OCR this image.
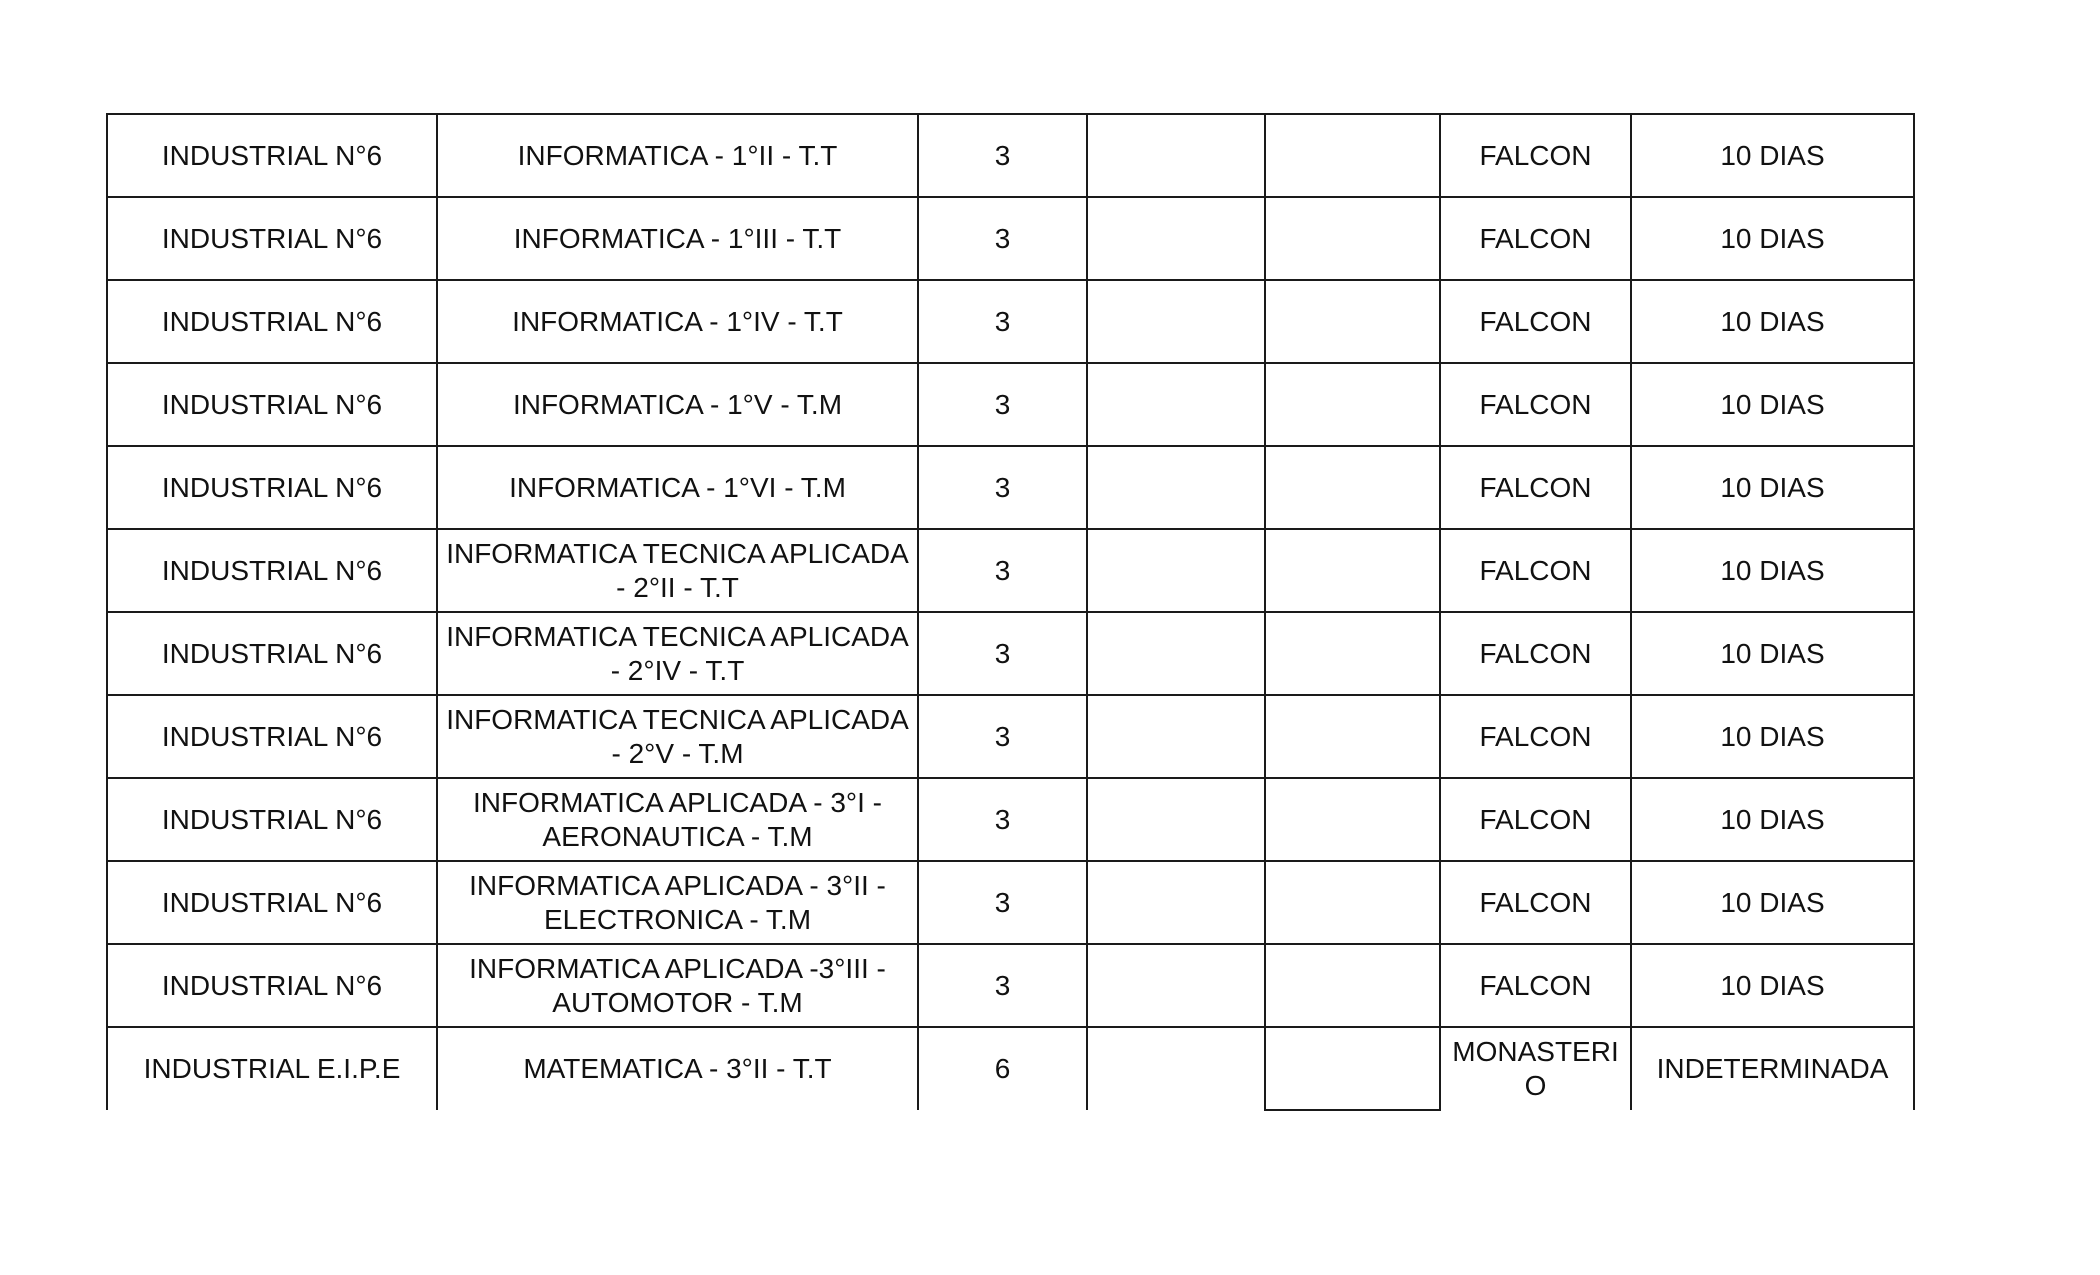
INDUSTRIAL N°6	INFORMATICA - 1°II - T.T	3			FALCON	10 DIAS
INDUSTRIAL N°6	INFORMATICA - 1°III - T.T	3			FALCON	10 DIAS
INDUSTRIAL N°6	INFORMATICA - 1°IV - T.T	3			FALCON	10 DIAS
INDUSTRIAL N°6	INFORMATICA - 1°V - T.M	3			FALCON	10 DIAS
INDUSTRIAL N°6	INFORMATICA - 1°VI - T.M	3			FALCON	10 DIAS
INDUSTRIAL N°6	INFORMATICA TECNICA APLICADA - 2°II - T.T	3			FALCON	10 DIAS
INDUSTRIAL N°6	INFORMATICA TECNICA APLICADA - 2°IV - T.T	3			FALCON	10 DIAS
INDUSTRIAL N°6	INFORMATICA TECNICA APLICADA - 2°V - T.M	3			FALCON	10 DIAS
INDUSTRIAL N°6	INFORMATICA APLICADA - 3°I - AERONAUTICA - T.M	3			FALCON	10 DIAS
INDUSTRIAL N°6	INFORMATICA APLICADA - 3°II - ELECTRONICA - T.M	3			FALCON	10 DIAS
INDUSTRIAL N°6	INFORMATICA APLICADA -3°III - AUTOMOTOR - T.M	3			FALCON	10 DIAS
INDUSTRIAL E.I.P.E	MATEMATICA - 3°II - T.T	6			MONASTERIO	INDETERMINADA
